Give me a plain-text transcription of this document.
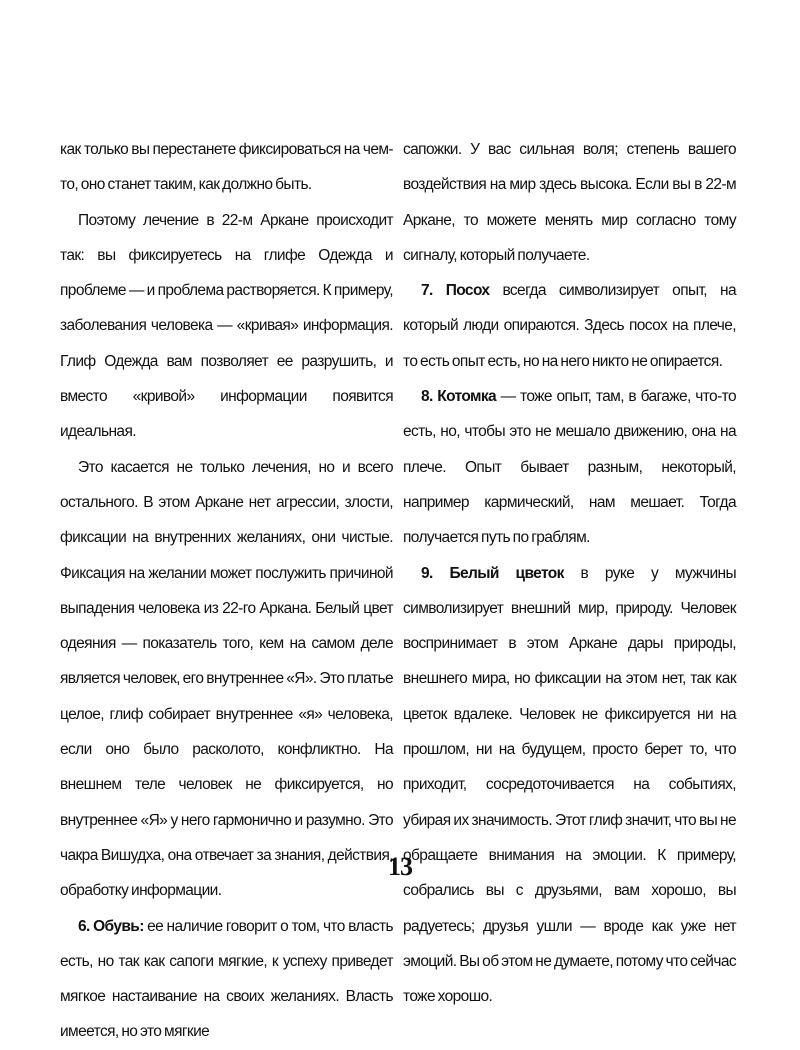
как только вы перестанете фиксироваться на чем-то, оно станет таким, как должно быть.

Поэтому лечение в 22-м Аркане происходит так: вы фиксируетесь на глифе Одежда и проблеме — и проблема растворяется. К примеру, заболевания человека — «кривая» информация. Глиф Одежда вам позволяет ее разрушить, и вместо «кривой» информации появится идеальная.

Это касается не только лечения, но и всего остального. В этом Аркане нет агрессии, злости, фиксации на внутренних желаниях, они чистые. Фиксация на желании может послужить причиной выпадения человека из 22-го Аркана. Белый цвет одеяния — показатель того, кем на самом деле является человек, его внутреннее «Я». Это платье целое, глиф собирает внутреннее «я» человека, если оно было расколото, конфликтно. На внешнем теле человек не фиксируется, но внутреннее «Я» у него гармонично и разумно. Это чакра Вишудха, она отвечает за знания, действия, обработку информации.

6. Обувь: ее наличие говорит о том, что власть есть, но так как сапоги мягкие, к успеху приведет мягкое настаивание на своих желаниях. Власть имеется, но это мягкие

сапожки. У вас сильная воля; степень вашего воздействия на мир здесь высока. Если вы в 22-м Аркане, то можете менять мир согласно тому сигналу, который получаете.

7. Посох всегда символизирует опыт, на который люди опираются. Здесь посох на плече, то есть опыт есть, но на него никто не опирается.

8. Котомка — тоже опыт, там, в багаже, что-то есть, но, чтобы это не мешало движению, она на плече. Опыт бывает разным, некоторый, например кармический, нам мешает. Тогда получается путь по граблям.

9. Белый цветок в руке у мужчины символизирует внешний мир, природу. Человек воспринимает в этом Аркане дары природы, внешнего мира, но фиксации на этом нет, так как цветок вдалеке. Человек не фиксируется ни на прошлом, ни на будущем, просто берет то, что приходит, сосредоточивается на событиях, убирая их значимость. Этот глиф значит, что вы не обращаете внимания на эмоции. К примеру, собрались вы с друзьями, вам хорошо, вы радуетесь; друзья ушли — вроде как уже нет эмоций. Вы об этом не думаете, потому что сейчас тоже хорошо.

13
